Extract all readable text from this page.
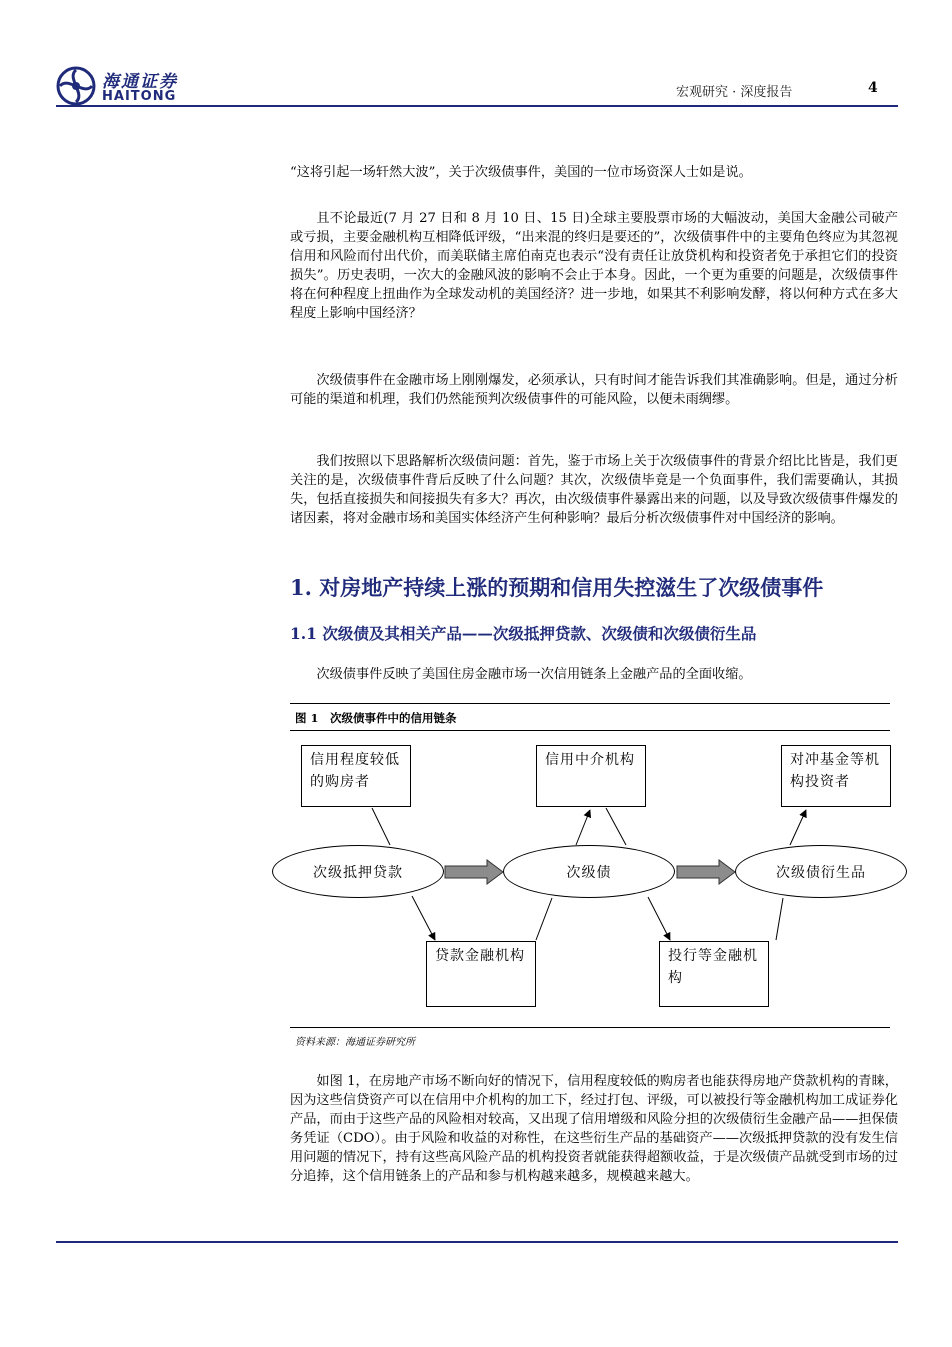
海通证券
HAITONG	宏观研究 · 深度报告	4

“这将引起一场轩然大波”，关于次级债事件，美国的一位市场资深人士如是说。

且不论最近(7 月 27 日和 8 月 10 日、15 日)全球主要股票市场的大幅波动，美国大金融公司破产或亏损，主要金融机构互相降低评级，“出来混的终归是要还的”，次级债事件中的主要角色终应为其忽视信用和风险而付出代价，而美联储主席伯南克也表示“没有责任让放贷机构和投资者免于承担它们的投资损失”。历史表明，一次大的金融风波的影响不会止于本身。因此，一个更为重要的问题是，次级债事件将在何种程度上扭曲作为全球发动机的美国经济？进一步地，如果其不利影响发酵，将以何种方式在多大程度上影响中国经济？

次级债事件在金融市场上刚刚爆发，必须承认，只有时间才能告诉我们其准确影响。但是，通过分析可能的渠道和机理，我们仍然能预判次级债事件的可能风险，以便未雨绸缪。

我们按照以下思路解析次级债问题：首先，鉴于市场上关于次级债事件的背景介绍比比皆是，我们更关注的是，次级债事件背后反映了什么问题？其次，次级债毕竟是一个负面事件，我们需要确认，其损失，包括直接损失和间接损失有多大？再次，由次级债事件暴露出来的问题，以及导致次级债事件爆发的诸因素，将对金融市场和美国实体经济产生何种影响？最后分析次级债事件对中国经济的影响。

1. 对房地产持续上涨的预期和信用失控滋生了次级债事件
1.1 次级债及其相关产品——次级抵押贷款、次级债和次级债衍生品

次级债事件反映了美国住房金融市场一次信用链条上金融产品的全面收缩。

图 1　次级债事件中的信用链条
信用程度较低的购房者
信用中介机构	对冲基金等机构投资者
次级抵押贷款	次级债	次级债衍生品
贷款金融机构	投行等金融机构
资料来源：海通证券研究所

如图 1，在房地产市场不断向好的情况下，信用程度较低的购房者也能获得房地产贷款机构的青睐，因为这些信贷资产可以在信用中介机构的加工下，经过打包、评级，可以被投行等金融机构加工成证券化产品，而由于这些产品的风险相对较高，又出现了信用增级和风险分担的次级债衍生金融产品——担保债务凭证（CDO）。由于风险和收益的对称性，在这些衍生产品的基础资产——次级抵押贷款的没有发生信用问题的情况下，持有这些高风险产品的机构投资者就能获得超额收益，于是次级债产品就受到市场的过分追捧，这个信用链条上的产品和参与机构越来越多，规模越来越大。
